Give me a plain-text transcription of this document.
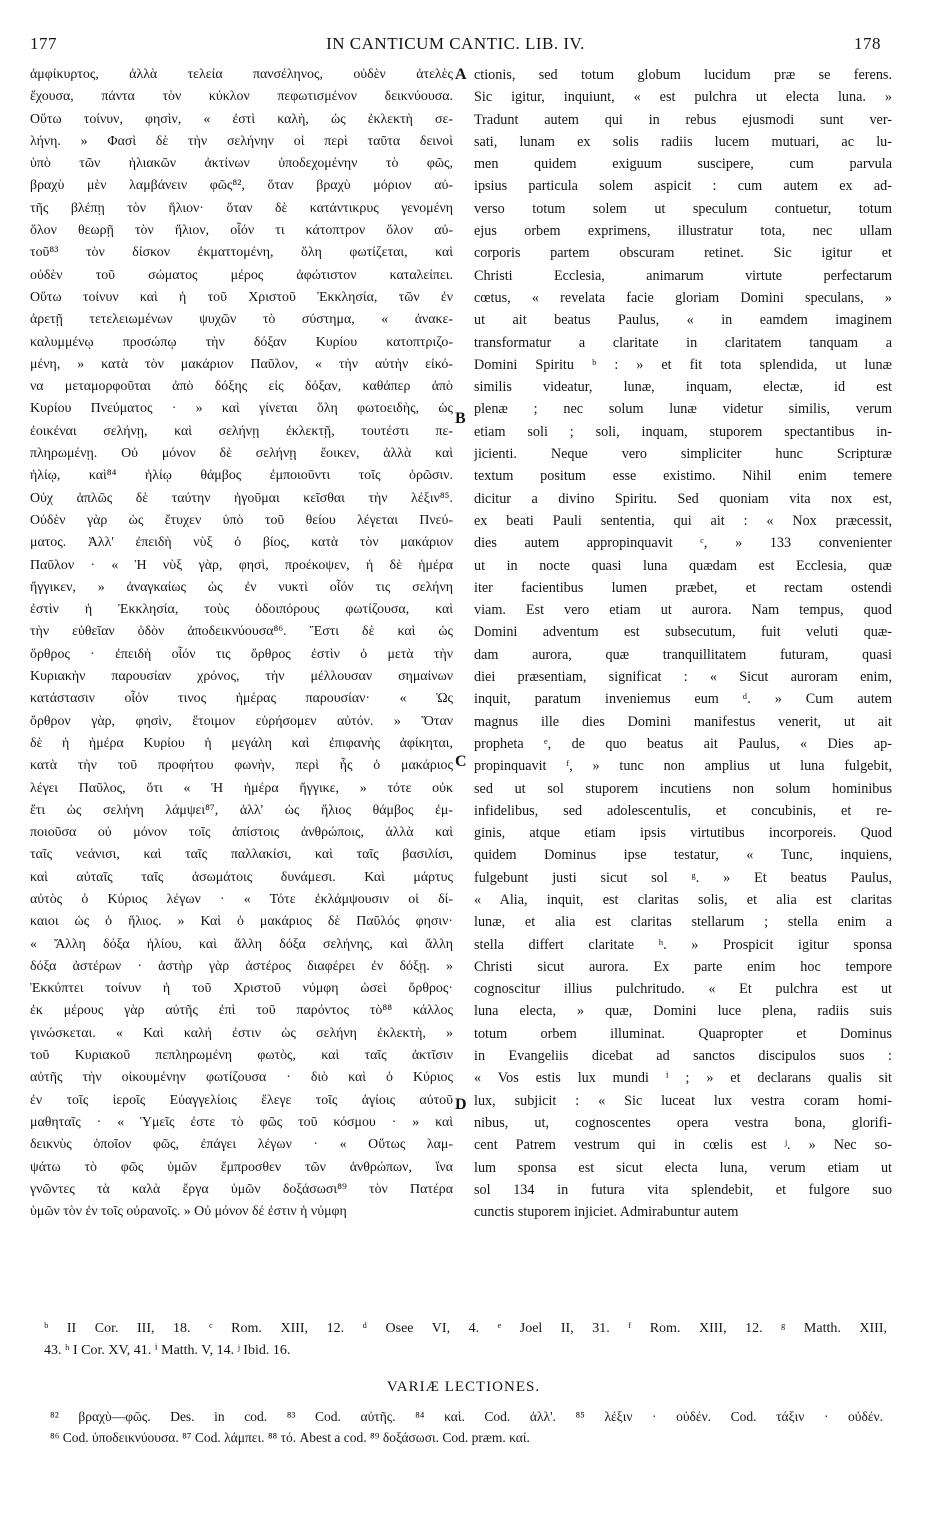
177	IN CANTICUM CANTIC. LIB. IV.	178

ἀμφίκυρτος, ἀλλὰ τελεία πανσέληνος, οὐδὲν ἀτελὲς

ἔχουσα, πάντα τὸν κύκλον πεφωτισμένον δεικνύουσα.

Οὕτω τοίνυν, φησὶν, « ἐστὶ καλὴ, ὡς ἐκλεκτὴ σε-

λήνη. » Φασὶ δὲ τὴν σελήνην οἱ περὶ ταῦτα δεινοὶ

ὑπὸ τῶν ἡλιακῶν ἀκτίνων ὑποδεχομένην τὸ φῶς,

βραχὺ μὲν λαμβάνειν φῶς⁸², ὅταν βραχὺ μόριον αὐ-

τῆς βλέπῃ τὸν ἥλιον· ὅταν δὲ κατάντικρυς γενομένη

ὅλον θεωρῇ τὸν ἥλιον, οἷόν τι κάτοπτρον ὅλον αὐ-

τοῦ⁸³ τὸν δίσκον ἐκματτομένη, ὅλη φωτίζεται, καὶ

οὐδὲν τοῦ σώματος μέρος ἀφώτιστον καταλείπει.

Οὕτω τοίνυν καὶ ἡ τοῦ Χριστοῦ Ἐκκλησία, τῶν ἐν

ἀρετῇ τετελειωμένων ψυχῶν τὸ σύστημα, « ἀνακε-

καλυμμένῳ προσώπῳ τὴν δόξαν Κυρίου κατοπτριζο-

μένη, » κατὰ τὸν μακάριον Παῦλον, « τὴν αὐτὴν εἰκό-

να μεταμορφοῦται ἀπὸ δόξης εἰς δόξαν, καθάπερ ἀπὸ

Κυρίου Πνεύματος · » καὶ γίνεται ὅλη φωτοειδὴς, ὡς

ἐοικέναι σελήνῃ, καὶ σελήνῃ ἐκλεκτῇ, τουτέστι πε-

πληρωμένῃ. Οὐ μόνον δὲ σελήνῃ ἔοικεν, ἀλλὰ καὶ

ἡλίῳ, καὶ⁸⁴ ἡλίῳ θάμβος ἐμποιοῦντι τοῖς ὁρῶσιν.

Οὐχ ἁπλῶς δὲ ταύτην ἡγοῦμαι κεῖσθαι τὴν λέξιν⁸⁵.

Οὐδὲν γὰρ ὡς ἔτυχεν ὑπὸ τοῦ θείου λέγεται Πνεύ-

ματος. Ἀλλ' ἐπειδὴ νὺξ ὁ βίος, κατὰ τὸν μακάριον

Παῦλον · « Ἡ νὺξ γὰρ, φησὶ, προέκοψεν, ἡ δὲ ἡμέρα

ἤγγικεν, » ἀναγκαίως ὡς ἐν νυκτὶ οἷόν τις σελήνη

ἐστὶν ἡ Ἐκκλησία, τοὺς ὁδοιπόρους φωτίζουσα, καὶ

τὴν εὐθεῖαν ὁδὸν ἀποδεικνύουσα⁸⁶. Ἔστι δὲ καὶ ὡς

ὄρθρος · ἐπειδὴ οἷόν τις ὄρθρος ἐστὶν ὁ μετὰ τὴν

Κυριακὴν παρουσίαν χρόνος, τὴν μέλλουσαν σημαίνων

κατάστασιν οἷόν τινος ἡμέρας παρουσίαν· « Ὡς

ὄρθρον γὰρ, φησὶν, ἕτοιμον εὑρήσομεν αὐτόν. » Ὅταν

δὲ ἡ ἡμέρα Κυρίου ἡ μεγάλη καὶ ἐπιφανὴς ἀφίκηται,

κατὰ τὴν τοῦ προφήτου φωνὴν, περὶ ἧς ὁ μακάριος

λέγει Παῦλος, ὅτι « Ἡ ἡμέρα ἤγγικε, » τότε οὐκ

ἔτι ὡς σελήνη λάμψει⁸⁷, ἀλλ' ὡς ἥλιος θάμβος ἐμ-

ποιοῦσα οὐ μόνον τοῖς ἀπίστοις ἀνθρώποις, ἀλλὰ καὶ

ταῖς νεάνισι, καὶ ταῖς παλλακίσι, καὶ ταῖς βασιλίσι,

καὶ αὐταῖς ταῖς ἀσωμάτοις δυνάμεσι. Καὶ μάρτυς

αὐτὸς ὁ Κύριος λέγων · « Τότε ἐκλάμψουσιν οἱ δί-

καιοι ὡς ὁ ἥλιος. » Καὶ ὁ μακάριος δὲ Παῦλός φησιν·

« Ἄλλη δόξα ἡλίου, καὶ ἄλλη δόξα σελήνης, καὶ ἄλλη

δόξα ἀστέρων · ἀστὴρ γὰρ ἀστέρος διαφέρει ἐν δόξῃ. »

Ἐκκύπτει τοίνυν ἡ τοῦ Χριστοῦ νύμφη ὡσεὶ ὄρθρος·

ἐκ μέρους γὰρ αὐτῆς ἐπὶ τοῦ παρόντος τὸ⁸⁸ κάλλος

γινώσκεται. « Καὶ καλή ἐστιν ὡς σελήνη ἐκλεκτὴ, »

τοῦ Κυριακοῦ πεπληρωμένη φωτὸς, καὶ ταῖς ἀκτῖσιν

αὐτῆς τὴν οἰκουμένην φωτίζουσα · διὸ καὶ ὁ Κύριος

ἐν τοῖς ἱεροῖς Εὐαγγελίοις ἔλεγε τοῖς ἁγίοις αὐτοῦ

μαθηταῖς · « Ὑμεῖς ἐστε τὸ φῶς τοῦ κόσμου · » καὶ

δεικνὺς ὁποῖον φῶς, ἐπάγει λέγων · « Οὕτως λαμ-

ψάτω τὸ φῶς ὑμῶν ἔμπροσθεν τῶν ἀνθρώπων, ἵνα

γνῶντες τὰ καλὰ ἔργα ὑμῶν δοξάσωσι⁸⁹ τὸν Πατέρα

ὑμῶν τὸν ἐν τοῖς οὐρανοῖς. » Οὐ μόνον δέ ἐστιν ἡ νύμφη

A
B
C
D

ctionis, sed totum globum lucidum præ se ferens.

Sic igitur, inquiunt, « est pulchra ut electa luna. »

Tradunt autem qui in rebus ejusmodi sunt ver-

sati, lunam ex solis radiis lucem mutuari, ac lu-

men quidem exiguum suscipere, cum parvula

ipsius particula solem aspicit : cum autem ex ad-

verso totum solem ut speculum contuetur, totum

ejus orbem exprimens, illustratur tota, nec ullam

corporis partem obscuram retinet. Sic igitur et

Christi Ecclesia, animarum virtute perfectarum

cœtus, « revelata facie gloriam Domini speculans, »

ut ait beatus Paulus, « in eamdem imaginem

transformatur a claritate in claritatem tanquam a

Domini Spiritu ᵇ : » et fit tota splendida, ut lunæ

similis videatur, lunæ, inquam, electæ, id est

plenæ ; nec solum lunæ videtur similis, verum

etiam soli ; soli, inquam, stuporem spectantibus in-

jicienti. Neque vero simpliciter hunc Scripturæ

textum positum esse existimo. Nihil enim temere

dicitur a divino Spiritu. Sed quoniam vita nox est,

ex beati Pauli sententia, qui ait : « Nox præcessit,

dies autem appropinquavit ᶜ, » 133 convenienter

ut in nocte quasi luna quædam est Ecclesia, quæ

iter facientibus lumen præbet, et rectam ostendi

viam. Est vero etiam ut aurora. Nam tempus, quod

Domini adventum est subsecutum, fuit veluti quæ-

dam aurora, quæ tranquillitatem futuram, quasi

diei præsentiam, significat : « Sicut auroram enim,

inquit, paratum inveniemus eum ᵈ. » Cum autem

magnus ille dies Domini manifestus venerit, ut ait

propheta ᵉ, de quo beatus ait Paulus, « Dies ap-

propinquavit ᶠ, » tunc non amplius ut luna fulgebit,

sed ut sol stuporem incutiens non solum hominibus

infidelibus, sed adolescentulis, et concubinis, et re-

ginis, atque etiam ipsis virtutibus incorporeis. Quod

quidem Dominus ipse testatur, « Tunc, inquiens,

fulgebunt justi sicut sol ᵍ. » Et beatus Paulus,

« Alia, inquit, est claritas solis, et alia est claritas

lunæ, et alia est claritas stellarum ; stella enim a

stella differt claritate ʰ. » Prospicit igitur sponsa

Christi sicut aurora. Ex parte enim hoc tempore

cognoscitur illius pulchritudo. « Et pulchra est ut

luna electa, » quæ, Domini luce plena, radiis suis

totum orbem illuminat. Quapropter et Dominus

in Evangeliis dicebat ad sanctos discipulos suos :

« Vos estis lux mundi ⁱ ; » et declarans qualis sit

lux, subjicit : « Sic luceat lux vestra coram homi-

nibus, ut, cognoscentes opera vestra bona, glorifi-

cent Patrem vestrum qui in cœlis est ʲ. » Nec so-

lum sponsa est sicut electa luna, verum etiam ut

sol 134 in futura vita splendebit, et fulgore suo

cunctis stuporem injiciet. Admirabuntur autem

ᵇ II Cor. III, 18. ᶜ Rom. XIII, 12. ᵈ Osee VI, 4. ᵉ Joel II, 31. ᶠ Rom. XIII, 12. ᵍ Matth. XIII,

43. ʰ I Cor. XV, 41. ⁱ Matth. V, 14. ʲ Ibid. 16.

VARIÆ LECTIONES.

⁸² βραχὺ—φῶς. Des. in cod. ⁸³ Cod. αὐτῆς. ⁸⁴ καὶ. Cod. ἀλλ'. ⁸⁵ λέξιν · οὐδέν. Cod. τάξιν · οὐδέν.

⁸⁶ Cod. ὑποδεικνύουσα. ⁸⁷ Cod. λάμπει. ⁸⁸ τό. Abest a cod. ⁸⁹ δοξάσωσι. Cod. præm. καί.
